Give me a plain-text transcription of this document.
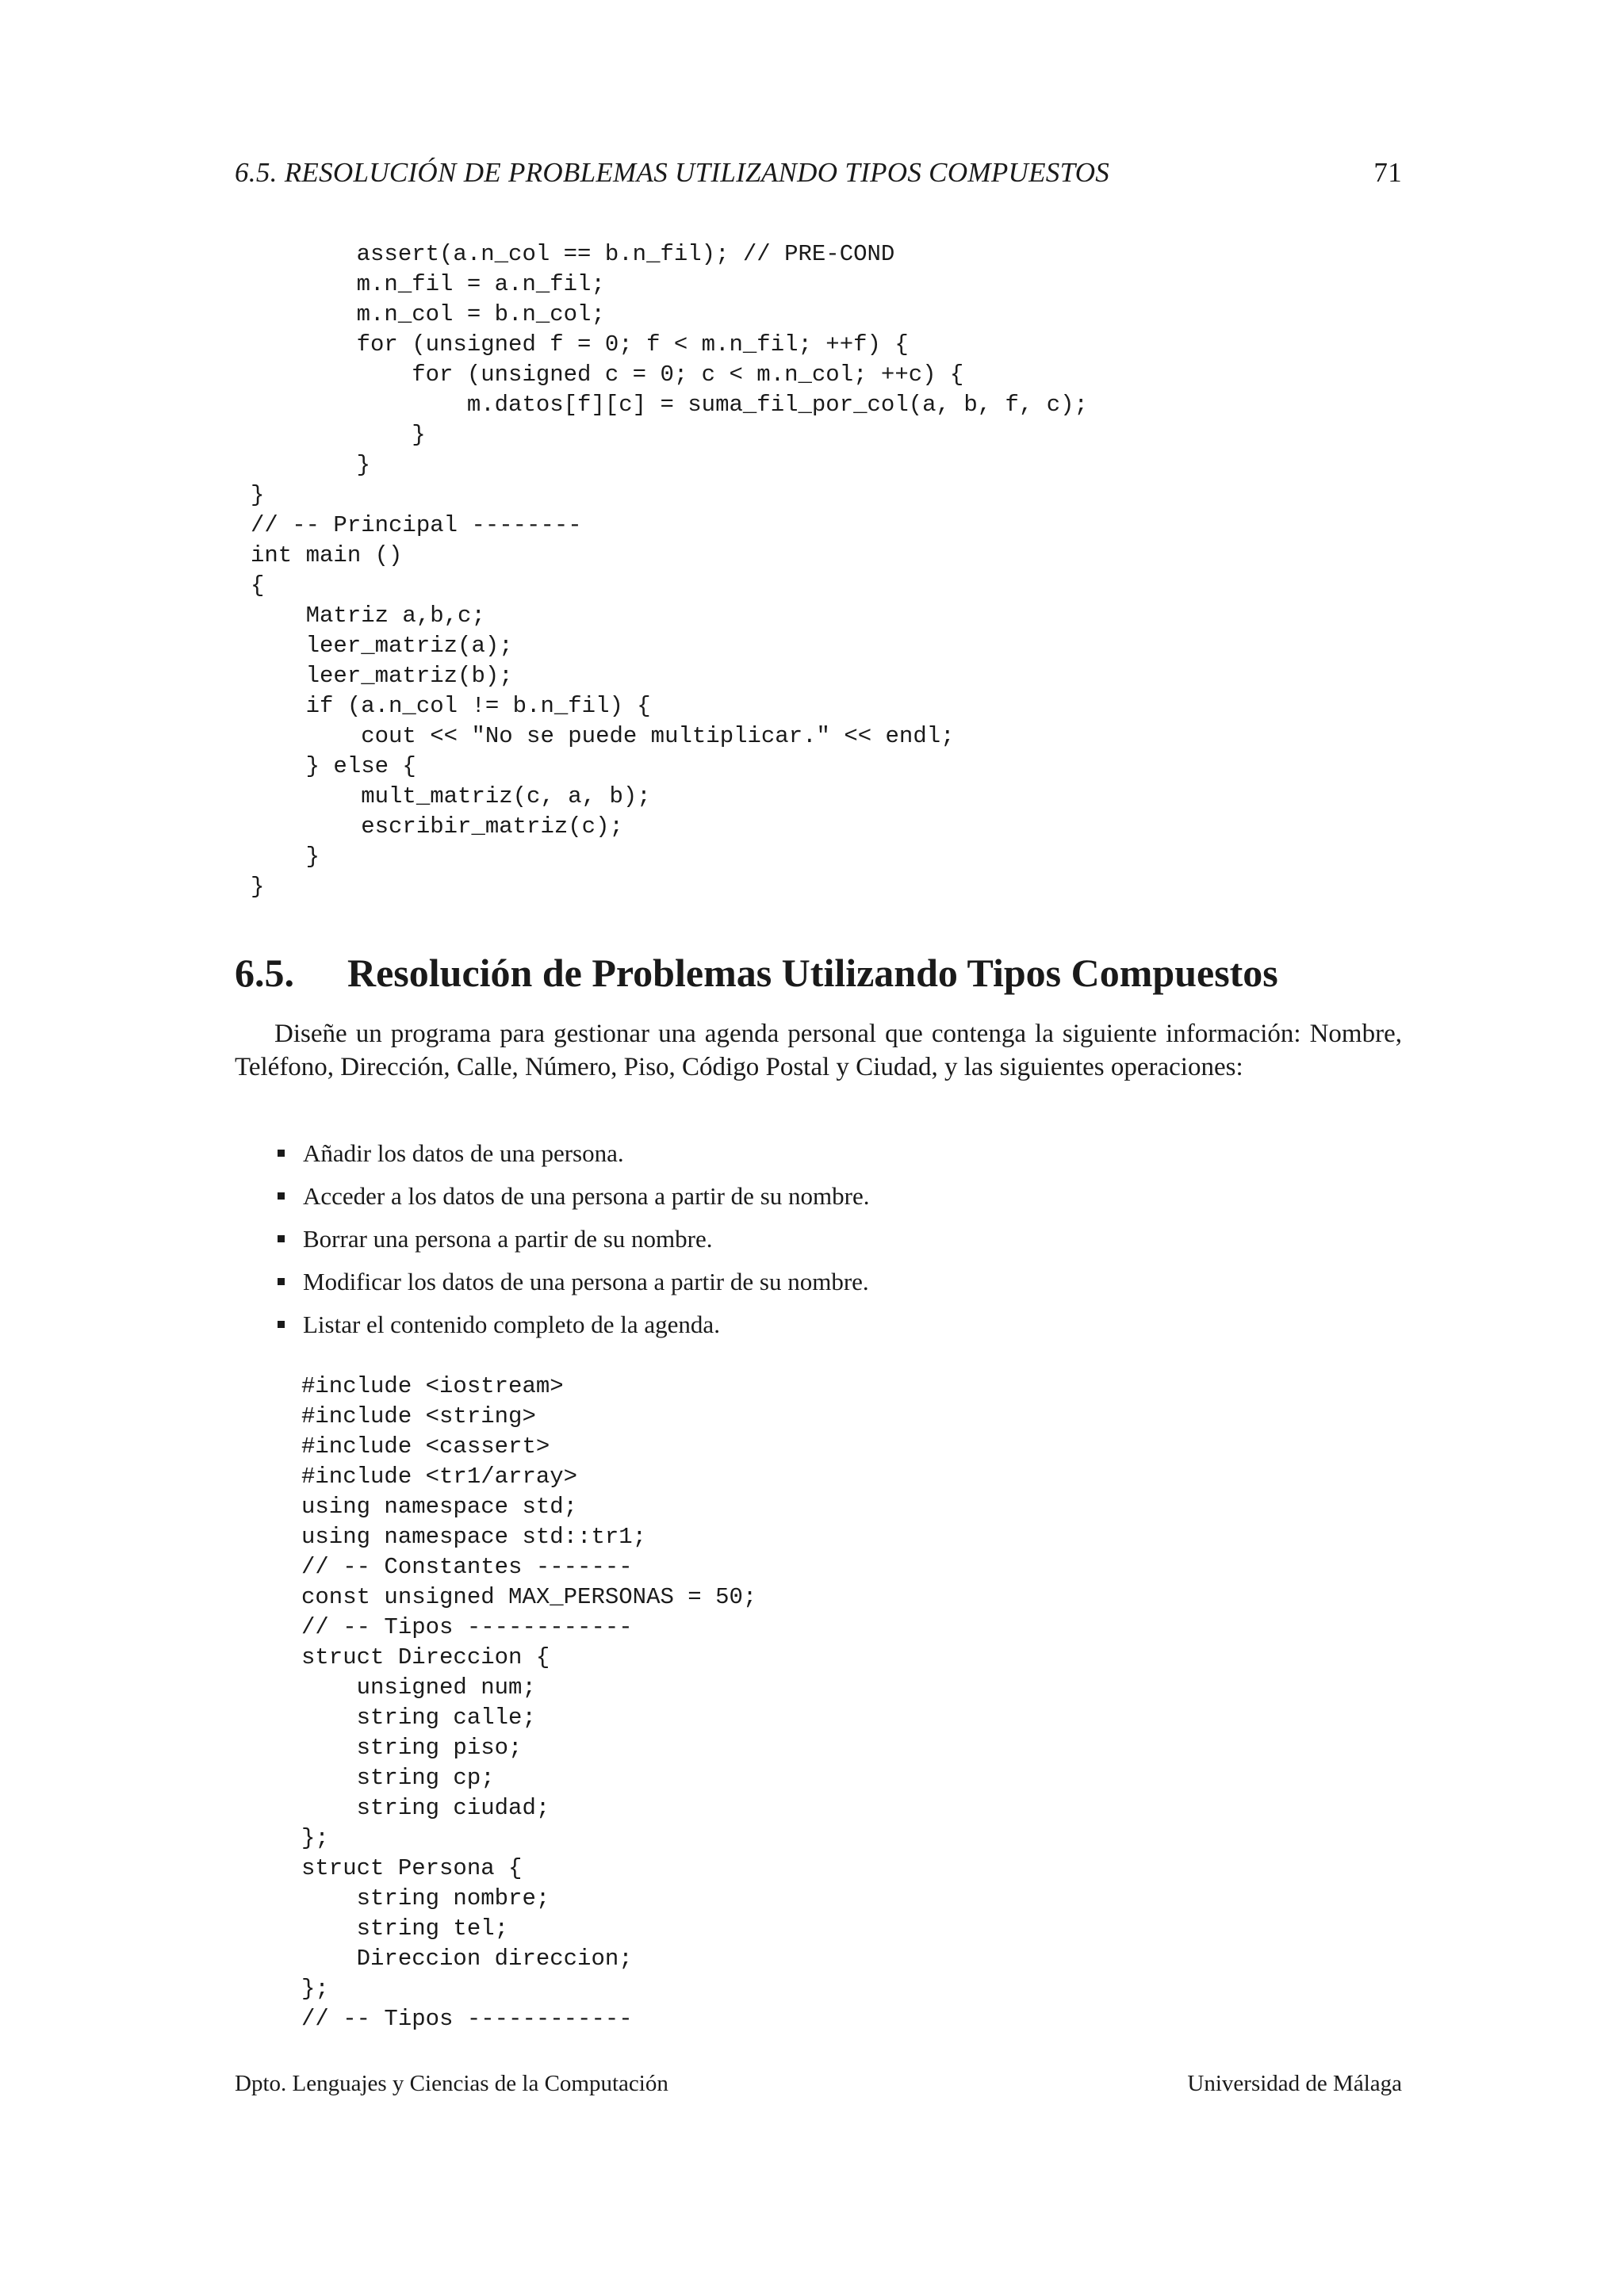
6.5. RESOLUCIÓN DE PROBLEMAS UTILIZANDO TIPOS COMPUESTOS	71
assert(a.n_col == b.n_fil); // PRE-COND
m.n_fil = a.n_fil;
m.n_col = b.n_col;
for (unsigned f = 0; f < m.n_fil; ++f) {
for (unsigned c = 0; c < m.n_col; ++c) {
m.datos[f][c] = suma_fil_por_col(a, b, f, c);
}
}
}
// -- Principal --------
int main ()
{
Matriz a,b,c;
leer_matriz(a);
leer_matriz(b);
if (a.n_col != b.n_fil) {
cout << "No se puede multiplicar." << endl;
} else {
mult_matriz(c, a, b);
escribir_matriz(c);
}
}
6.5. Resolución de Problemas Utilizando Tipos Compuestos

Diseñe un programa para gestionar una agenda personal que contenga la siguiente información: Nombre, Teléfono, Dirección, Calle, Número, Piso, Código Postal y Ciudad, y las siguientes operaciones:

Añadir los datos de una persona.
Acceder a los datos de una persona a partir de su nombre.
Borrar una persona a partir de su nombre.
Modificar los datos de una persona a partir de su nombre.
Listar el contenido completo de la agenda.
#include <iostream>
#include <string>
#include <cassert>
#include <tr1/array>
using namespace std;
using namespace std::tr1;
// -- Constantes -------
const unsigned MAX_PERSONAS = 50;
// -- Tipos ------------
struct Direccion {
unsigned num;
string calle;
string piso;
string cp;
string ciudad;
};
struct Persona {
string nombre;
string tel;
Direccion direccion;
};
// -- Tipos ------------
Dpto. Lenguajes y Ciencias de la Computación	Universidad de Málaga
